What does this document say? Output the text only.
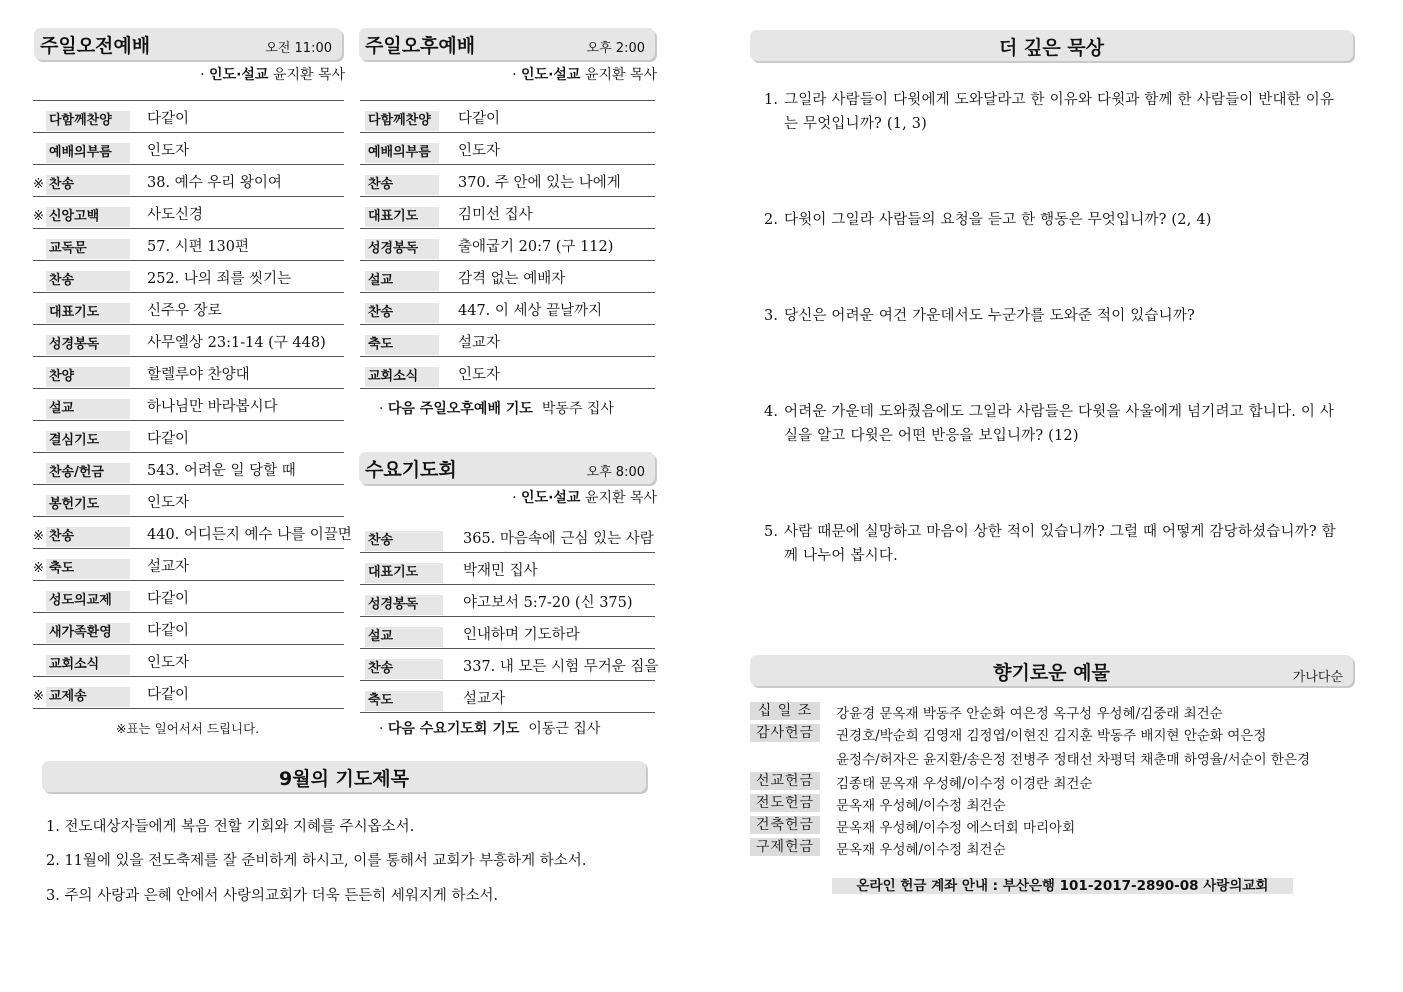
주일오전예배	오전 11:00
· 인도·설교 윤지환 목사
다함께찬양	다같이
예배의부름	인도자
※ 찬송	38. 예수 우리 왕이여
※ 신앙고백	사도신경
교독문	57. 시편 130편
찬송	252. 나의 죄를 씻기는
대표기도	신주우 장로
성경봉독	사무엘상 23:1-14 (구 448)
찬양	할렐루야 찬양대
설교	하나님만 바라봅시다
결심기도	다같이
찬송/헌금	543. 어려운 일 당할 때
봉헌기도	인도자
※ 찬송	440. 어디든지 예수 나를 이끌면
※ 축도	설교자
성도의교제	다같이
새가족환영	다같이
교회소식	인도자
※ 교제송	다같이
※표는 일어서서 드립니다.
주일오후예배	오후 2:00
· 인도·설교 윤지환 목사
다함께찬양	다같이
예배의부름	인도자
찬송	370. 주 안에 있는 나에게
대표기도	김미선 집사
성경봉독	출애굽기 20:7 (구 112)
설교	감격 없는 예배자
찬송	447. 이 세상 끝날까지
축도	설교자
교회소식	인도자
· 다음 주일오후예배 기도 박동주 집사
수요기도회	오후 8:00
· 인도·설교 윤지환 목사
찬송	365. 마음속에 근심 있는 사람
대표기도	박재민 집사
성경봉독	야고보서 5:7-20 (신 375)
설교	인내하며 기도하라
찬송	337. 내 모든 시험 무거운 짐을
축도	설교자
· 다음 수요기도회 기도 이동근 집사
9월의 기도제목
1. 전도대상자들에게 복음 전할 기회와 지혜를 주시옵소서.
2. 11월에 있을 전도축제를 잘 준비하게 하시고, 이를 통해서 교회가 부흥하게 하소서.
3. 주의 사랑과 은혜 안에서 사랑의교회가 더욱 든든히 세워지게 하소서.
더 깊은 묵상
1. 그일라 사람들이 다윗에게 도와달라고 한 이유와 다윗과 함께 한 사람들이 반대한 이유는 무엇입니까? (1, 3)
2. 다윗이 그일라 사람들의 요청을 듣고 한 행동은 무엇입니까? (2, 4)
3. 당신은 어려운 여건 가운데서도 누군가를 도와준 적이 있습니까?
4. 어려운 가운데 도와줬음에도 그일라 사람들은 다윗을 사울에게 넘기려고 합니다. 이 사실을 알고 다윗은 어떤 반응을 보입니까? (12)
5. 사람 때문에 실망하고 마음이 상한 적이 있습니까? 그럴 때 어떻게 감당하셨습니까? 함께 나누어 봅시다.
향기로운 예물	가나다순
십 일 조	강윤경 문옥재 박동주 안순화 여은정 옥구성 우성혜/김중래 최건순
감사헌금	권경호/박순희 김영재 김정엽/이현진 김지훈 박동주 배지현 안순화 여은정
윤정수/허자은 윤지환/송은정 전병주 정태선 차평덕 채춘매 하영율/서순이 한은경
선교헌금	김종태 문옥재 우성혜/이수정 이경란 최건순
전도헌금	문옥재 우성혜/이수정 최건순
건축헌금	문옥재 우성혜/이수정 에스더회 마리아회
구제헌금	문옥재 우성혜/이수정 최건순
온라인 헌금 계좌 안내 : 부산은행 101-2017-2890-08 사랑의교회
